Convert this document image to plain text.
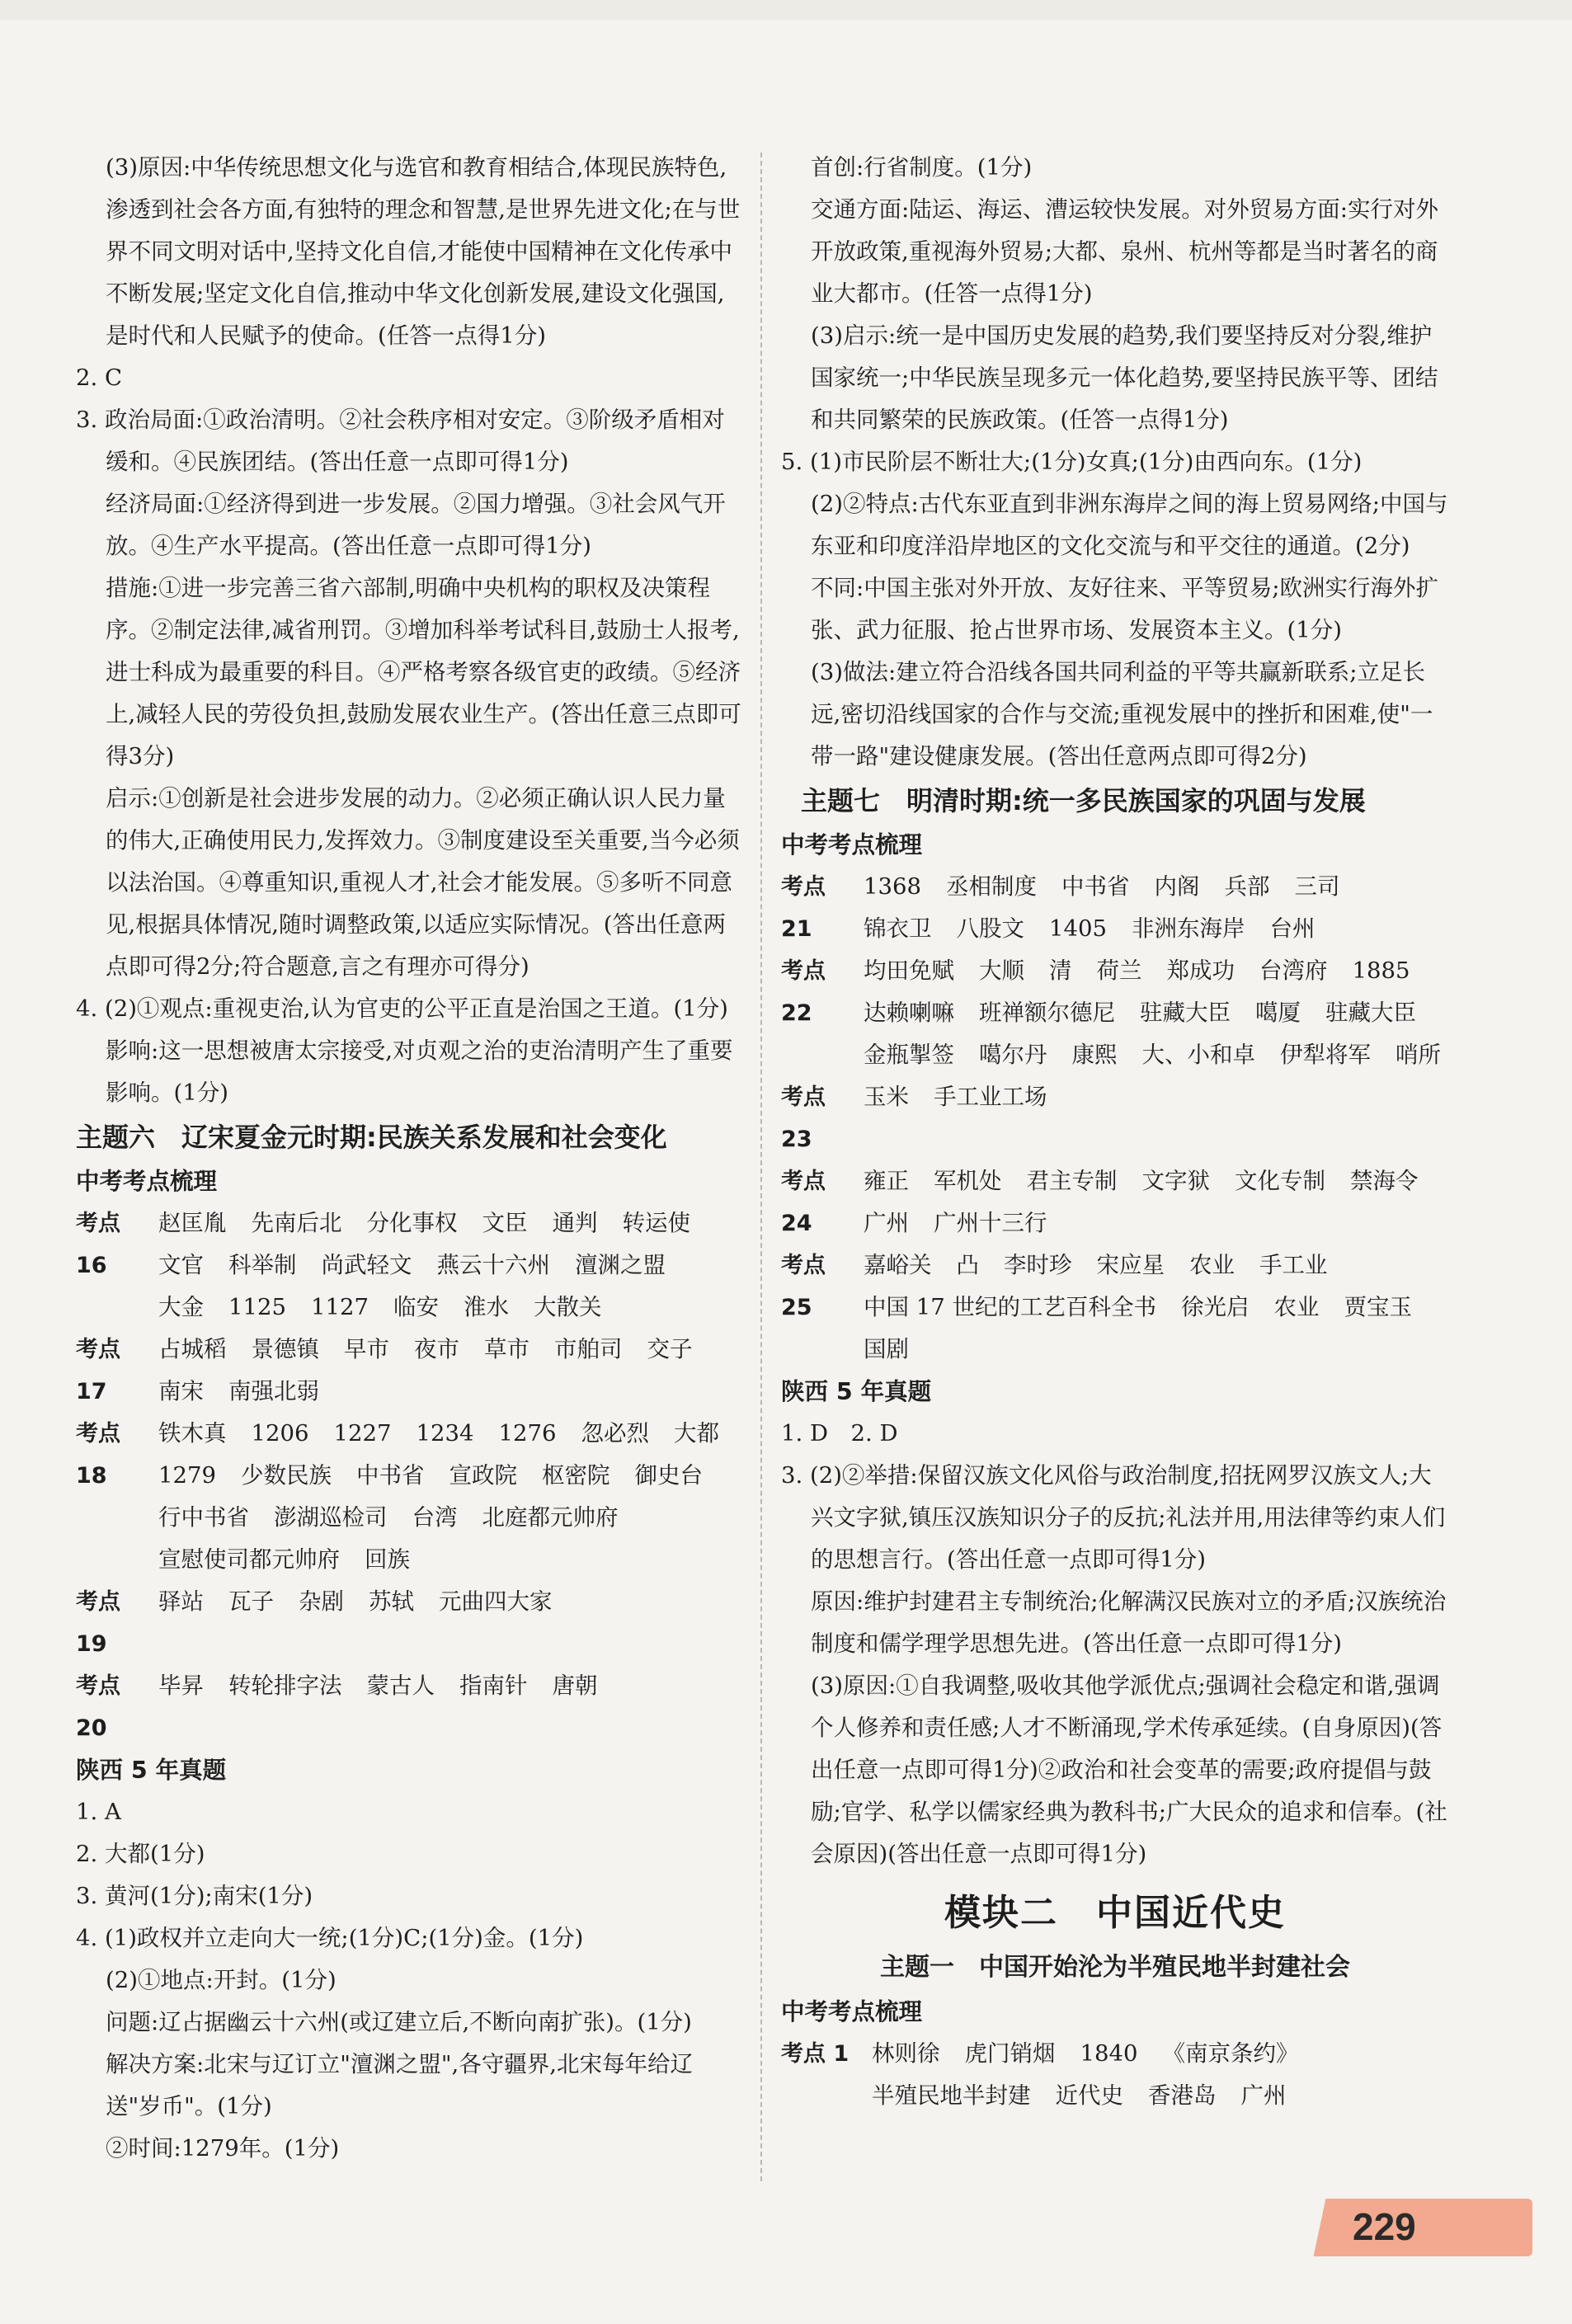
(3)原因:中华传统思想文化与选官和教育相结合,体现民族特色,渗透到社会各方面,有独特的理念和智慧,是世界先进文化;在与世界不同文明对话中,坚持文化自信,才能使中国精神在文化传承中不断发展;坚定文化自信,推动中华文化创新发展,建设文化强国,是时代和人民赋予的使命。(任答一点得1分)

2. C

3. 政治局面:①政治清明。②社会秩序相对安定。③阶级矛盾相对缓和。④民族团结。(答出任意一点即可得1分)

经济局面:①经济得到进一步发展。②国力增强。③社会风气开放。④生产水平提高。(答出任意一点即可得1分)

措施:①进一步完善三省六部制,明确中央机构的职权及决策程序。②制定法律,减省刑罚。③增加科举考试科目,鼓励士人报考,进士科成为最重要的科目。④严格考察各级官吏的政绩。⑤经济上,减轻人民的劳役负担,鼓励发展农业生产。(答出任意三点即可得3分)

启示:①创新是社会进步发展的动力。②必须正确认识人民力量的伟大,正确使用民力,发挥效力。③制度建设至关重要,当今必须以法治国。④尊重知识,重视人才,社会才能发展。⑤多听不同意见,根据具体情况,随时调整政策,以适应实际情况。(答出任意两点即可得2分;符合题意,言之有理亦可得分)

4. (2)①观点:重视吏治,认为官吏的公平正直是治国之王道。(1分)

影响:这一思想被唐太宗接受,对贞观之治的吏治清明产生了重要影响。(1分)

主题六　辽宋夏金元时期:民族关系发展和社会变化

中考考点梳理

考点 16
赵匡胤 先南后北 分化事权 文臣 通判 转运使文官 科举制 尚武轻文 燕云十六州 澶渊之盟大金 1125 1127 临安 淮水 大散关
考点 17
占城稻 景德镇 早市 夜市 草市 市舶司 交子南宋 南强北弱
考点 18
铁木真 1206 1227 1234 1276 忽必烈 大都1279 少数民族 中书省 宣政院 枢密院 御史台行中书省 澎湖巡检司 台湾 北庭都元帅府宣慰使司都元帅府 回族
考点 19
驿站 瓦子 杂剧 苏轼 元曲四大家
考点 20
毕昇 转轮排字法 蒙古人 指南针 唐朝

陕西 5 年真题

1. A

2. 大都(1分)

3. 黄河(1分);南宋(1分)

4. (1)政权并立走向大一统;(1分)C;(1分)金。(1分)

(2)①地点:开封。(1分)

问题:辽占据幽云十六州(或辽建立后,不断向南扩张)。(1分)

解决方案:北宋与辽订立"澶渊之盟",各守疆界,北宋每年给辽送"岁币"。(1分)

②时间:1279年。(1分)

首创:行省制度。(1分)

交通方面:陆运、海运、漕运较快发展。对外贸易方面:实行对外开放政策,重视海外贸易;大都、泉州、杭州等都是当时著名的商业大都市。(任答一点得1分)

(3)启示:统一是中国历史发展的趋势,我们要坚持反对分裂,维护国家统一;中华民族呈现多元一体化趋势,要坚持民族平等、团结和共同繁荣的民族政策。(任答一点得1分)

5. (1)市民阶层不断壮大;(1分)女真;(1分)由西向东。(1分)

(2)②特点:古代东亚直到非洲东海岸之间的海上贸易网络;中国与东亚和印度洋沿岸地区的文化交流与和平交往的通道。(2分)

不同:中国主张对外开放、友好往来、平等贸易;欧洲实行海外扩张、武力征服、抢占世界市场、发展资本主义。(1分)

(3)做法:建立符合沿线各国共同利益的平等共赢新联系;立足长远,密切沿线国家的合作与交流;重视发展中的挫折和困难,使"一带一路"建设健康发展。(答出任意两点即可得2分)

主题七　明清时期:统一多民族国家的巩固与发展

中考考点梳理

考点 21
1368 丞相制度 中书省 内阁 兵部 三司锦衣卫 八股文 1405 非洲东海岸 台州
考点 22
均田免赋 大顺 清 荷兰 郑成功 台湾府 1885达赖喇嘛 班禅额尔德尼 驻藏大臣 噶厦 驻藏大臣金瓶掣签 噶尔丹 康熙 大、小和卓 伊犁将军 哨所
考点 23
玉米 手工业工场
考点 24
雍正 军机处 君主专制 文字狱 文化专制 禁海令广州 广州十三行
考点 25
嘉峪关 凸 李时珍 宋应星 农业 手工业中国 17 世纪的工艺百科全书 徐光启 农业 贾宝玉国剧

陕西 5 年真题

1. D　2. D

3. (2)②举措:保留汉族文化风俗与政治制度,招抚网罗汉族文人;大兴文字狱,镇压汉族知识分子的反抗;礼法并用,用法律等约束人们的思想言行。(答出任意一点即可得1分)

原因:维护封建君主专制统治;化解满汉民族对立的矛盾;汉族统治制度和儒学理学思想先进。(答出任意一点即可得1分)

(3)原因:①自我调整,吸收其他学派优点;强调社会稳定和谐,强调个人修养和责任感;人才不断涌现,学术传承延续。(自身原因)(答出任意一点即可得1分)②政治和社会变革的需要;政府提倡与鼓励;官学、私学以儒家经典为教科书;广大民众的追求和信奉。(社会原因)(答出任意一点即可得1分)

模块二　中国近代史

主题一　中国开始沦为半殖民地半封建社会

中考考点梳理

考点 1	林则徐 虎门销烟 1840 《南京条约》半殖民地半封建 近代史 香港岛 广州
229
